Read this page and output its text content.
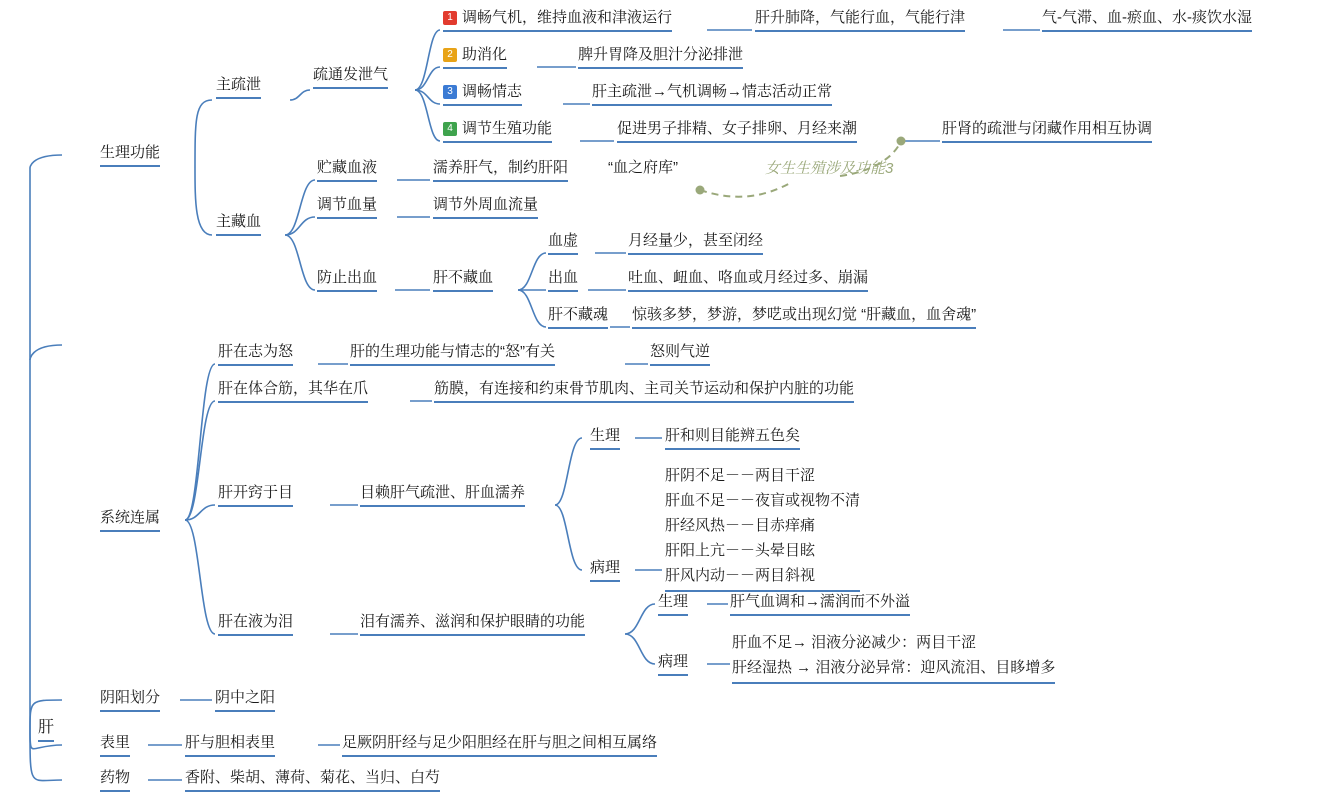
肝
生理功能
系统连属
阴阳划分
表里
药物
主疏泄
疏通发泄气
1 调畅气机，维持血液和津液运行	肝升肺降，气能行血，气能行津	气-气滞、血-瘀血、水-痰饮水湿
2 助消化	脾升胃降及胆汁分泌排泄
3 调畅情志	肝主疏泄→气机调畅→情志活动正常
4 调节生殖功能	促进男子排精、女子排卵、月经来潮	肝肾的疏泄与闭藏作用相互协调
女生生殖涉及功能3
主藏血
贮藏血液	濡养肝气，制约肝阳	“血之府库”
调节血量	调节外周血流量
防止出血	肝不藏血
血虚	月经量少，甚至闭经
出血	吐血、衄血、咯血或月经过多、崩漏
肝不藏魂 惊骇多梦，梦游，梦呓或出现幻觉 “肝藏血，血舍魂”
肝在志为怒	肝的生理功能与情志的“怒”有关	怒则气逆
肝在体合筋，其华在爪	筋膜，有连接和约束骨节肌肉、主司关节运动和保护内脏的功能
肝开窍于目	目赖肝气疏泄、肝血濡养
生理	肝和则目能辨五色矣
病理
肝阴不足－－两目干涩
肝血不足－－夜盲或视物不清
肝经风热－－目赤痒痛
肝阳上亢－－头晕目眩
肝风内动－－两目斜视
肝在液为泪	泪有濡养、滋润和保护眼睛的功能
生理	肝气血调和→濡润而不外溢
病理
肝血不足→ 泪液分泌减少：两目干涩
肝经湿热 → 泪液分泌异常：迎风流泪、目眵增多
阴中之阳
肝与胆相表里	足厥阴肝经与足少阳胆经在肝与胆之间相互属络
香附、柴胡、薄荷、菊花、当归、白芍
